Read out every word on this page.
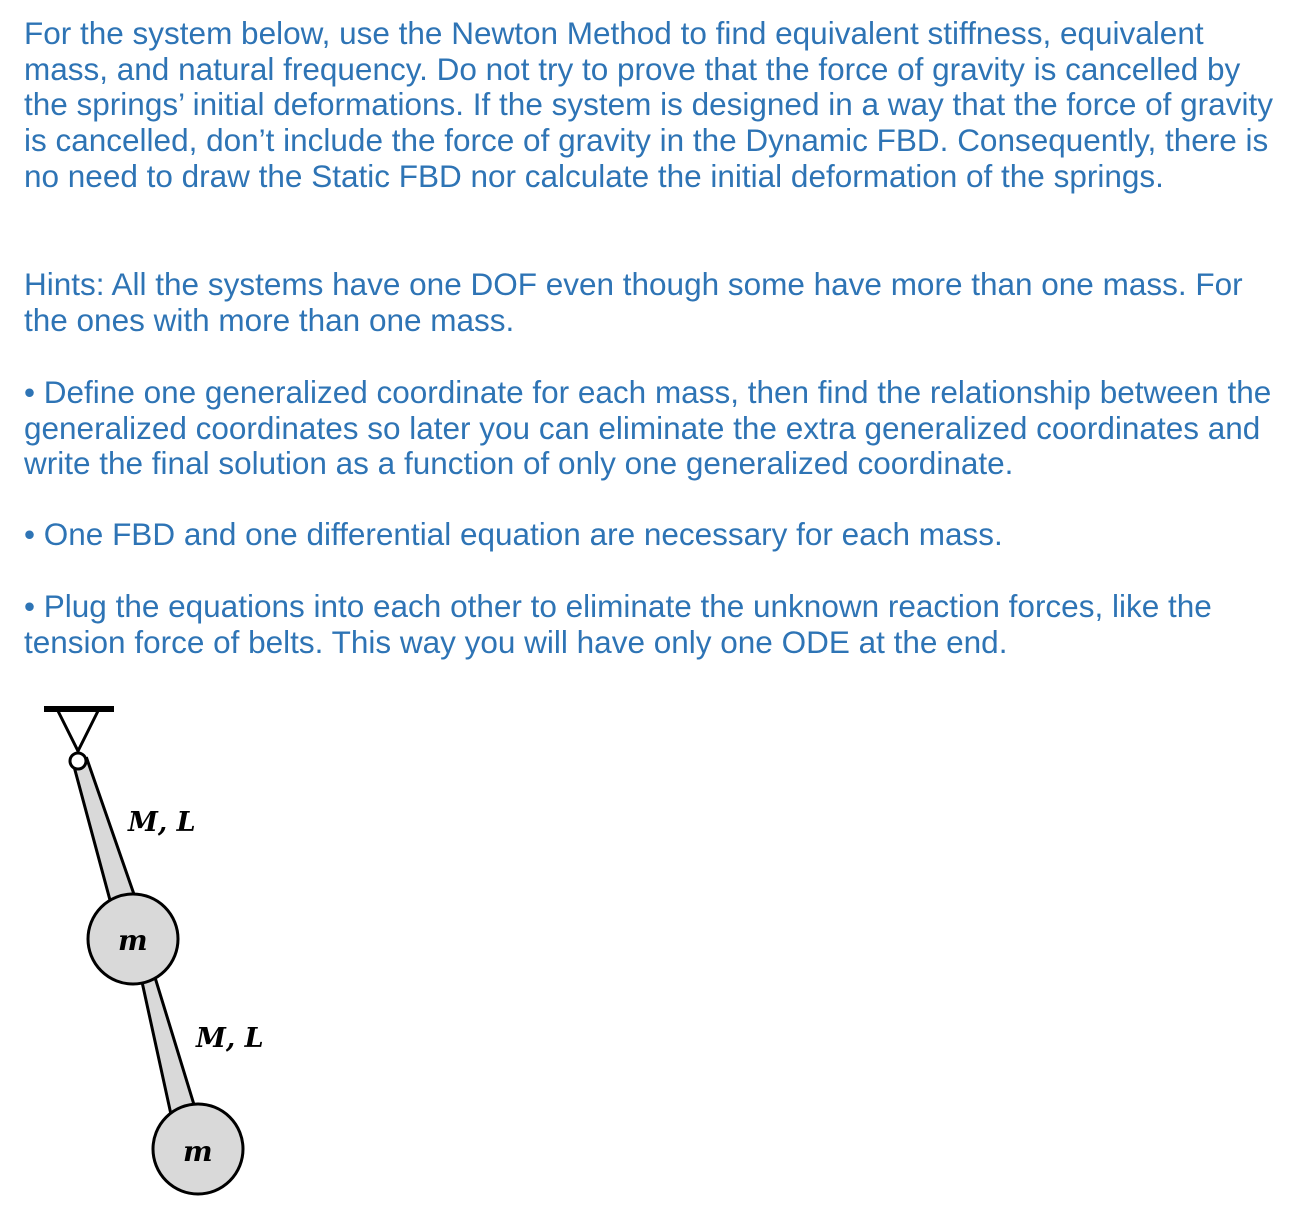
For the system below, use the Newton Method to find equivalent stiffness, equivalent mass, and natural frequency. Do not try to prove that the force of gravity is cancelled by the springs’ initial deformations. If the system is designed in a way that the force of gravity is cancelled, don’t include the force of gravity in the Dynamic FBD. Consequently, there is no need to draw the Static FBD nor calculate the initial deformation of the springs.

Hints: All the systems have one DOF even though some have more than one mass. For the ones with more than one mass.

• Define one generalized coordinate for each mass, then find the relationship between the generalized coordinates so later you can eliminate the extra generalized coordinates and write the final solution as a function of only one generalized coordinate.

• One FBD and one differential equation are necessary for each mass.

• Plug the equations into each other to eliminate the unknown reaction forces, like the tension force of belts. This way you will have only one ODE at the end.

M, L
m
M, L
m
